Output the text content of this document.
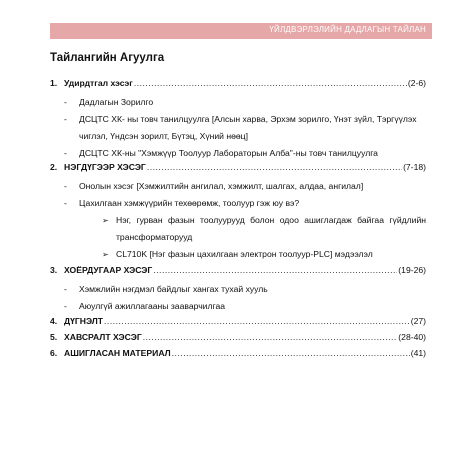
ҮЙЛДВЭРЛЭЛИЙН ДАДЛАГЫН ТАЙЛАН
Тайлангийн Агуулга
1. Удирдтгал хэсэг .....	(2-6)
-	Дадлагын Зорилго
-	ДСЦТС ХК- ны товч танилцуулга [Алсын харва, Эрхэм зорилго, Үнэт зүйл, Тэргүүлэх чиглэл, Үндсэн зорилт, Бүтэц, Хүний нөөц]
-	ДСЦТС ХК-ны "Хэмжүүр Тоолуур Лабораторын Алба"-ны товч танилцуулга
2. НЭГДҮГЭЭР ХЭСЭГ .....	(7-18)
-	Онолын хэсэг [Хэмжилтийн ангилал, хэмжилт, шалгах, алдаа, ангилал]
-	Цахилгаан хэмжүүрийн техөөрөмж, тоолуур гэж юу вэ?
➢ Нэг, гурван фазын тоолуурууд болон одоо ашиглагдаж байгаа гүйдлийн трансформаторууд
➢ CL710K [Нэг фазын цахилгаан электрон тоолуур-PLC] мэдээлэл
3. ХОЁРДУГААР ХЭСЭГ .....	(19-26)
-	Хэмжлийн нэгдмэл байдлыг хангах тухай хууль
-	Аюулгүй ажиллагааны зааварчилгаа
4. ДҮГНЭЛТ .....	(27)
5. ХАВСРАЛТ ХЭСЭГ .....	(28-40)
6. АШИГЛАСАН МАТЕРИАЛ .....	(41)
